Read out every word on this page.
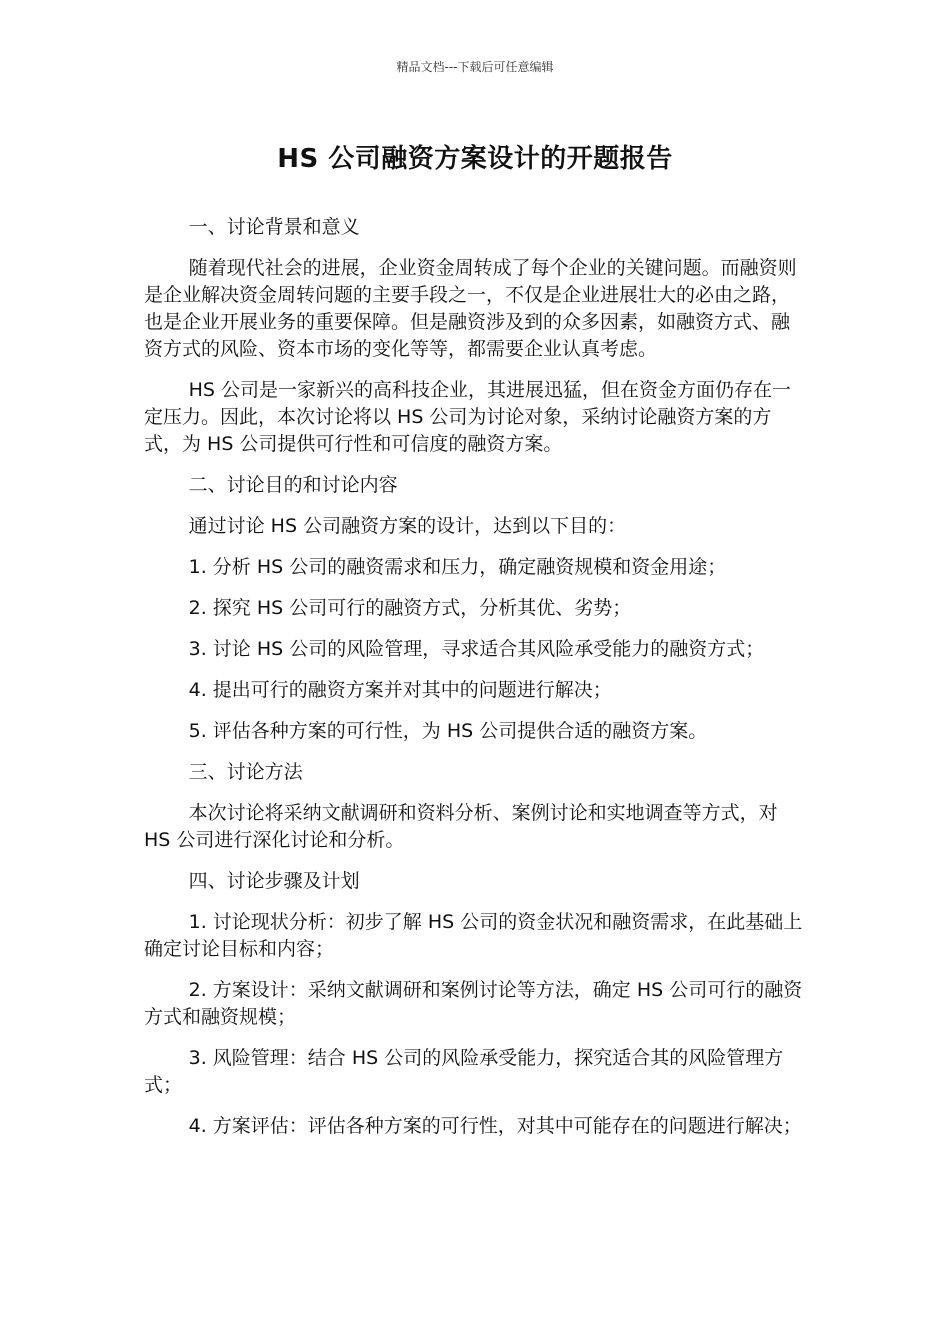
精品文档---下载后可任意编辑
HS 公司融资方案设计的开题报告

一、讨论背景和意义

随着现代社会的进展，企业资金周转成了每个企业的关键问题。而融资则是企业解决资金周转问题的主要手段之一，不仅是企业进展壮大的必由之路，也是企业开展业务的重要保障。但是融资涉及到的众多因素，如融资方式、融资方式的风险、资本市场的变化等等，都需要企业认真考虑。

HS 公司是一家新兴的高科技企业，其进展迅猛，但在资金方面仍存在一定压力。因此，本次讨论将以 HS 公司为讨论对象，采纳讨论融资方案的方式，为 HS 公司提供可行性和可信度的融资方案。

二、讨论目的和讨论内容

通过讨论 HS 公司融资方案的设计，达到以下目的：

1. 分析 HS 公司的融资需求和压力，确定融资规模和资金用途；

2. 探究 HS 公司可行的融资方式，分析其优、劣势；

3. 讨论 HS 公司的风险管理，寻求适合其风险承受能力的融资方式；

4. 提出可行的融资方案并对其中的问题进行解决；

5. 评估各种方案的可行性，为 HS 公司提供合适的融资方案。

三、讨论方法

本次讨论将采纳文献调研和资料分析、案例讨论和实地调查等方式，对 HS 公司进行深化讨论和分析。

四、讨论步骤及计划

1. 讨论现状分析：初步了解 HS 公司的资金状况和融资需求，在此基础上确定讨论目标和内容；

2. 方案设计：采纳文献调研和案例讨论等方法，确定 HS 公司可行的融资方式和融资规模；

3. 风险管理：结合 HS 公司的风险承受能力，探究适合其的风险管理方式；

4. 方案评估：评估各种方案的可行性，对其中可能存在的问题进行解决；
